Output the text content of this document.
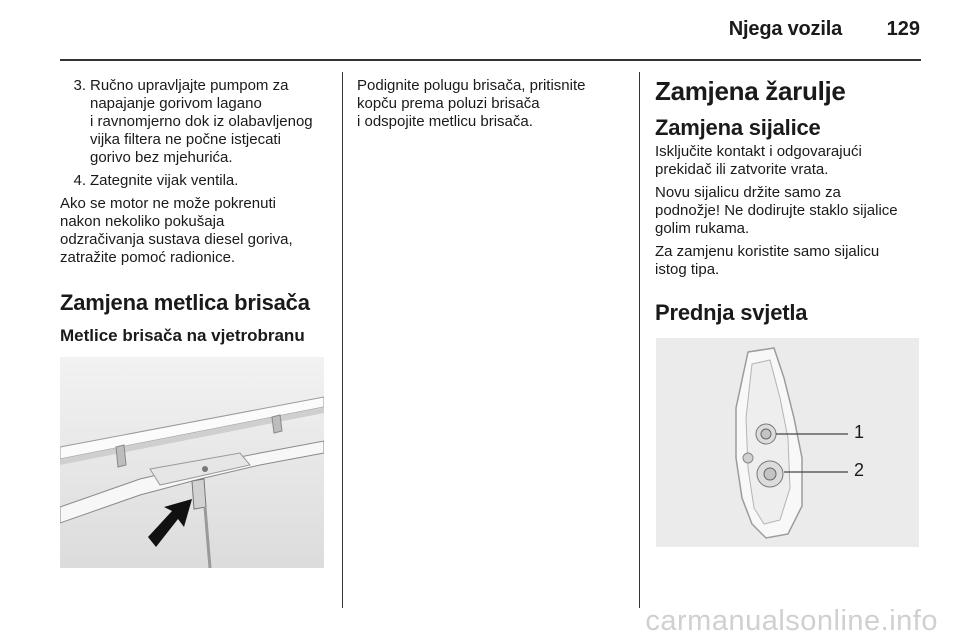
Njega vozila 129
3. Ručno upravljajte pumpom za
napajanje gorivom lagano
i ravnomjerno dok iz olabavljenog
vijka filtera ne počne istjecati
gorivo bez mjehurića.
4. Zategnite vijak ventila.

Ako se motor ne može pokrenuti
nakon nekoliko pokušaja
odzračivanja sustava diesel goriva,
zatražite pomoć radionice.

Zamjena metlica brisača
Metlice brisača na vjetrobranu

Podignite polugu brisača, pritisnite
kopču prema poluzi brisača
i odspojite metlicu brisača.

Zamjena žarulje
Zamjena sijalice

Isključite kontakt i odgovarajući
prekidač ili zatvorite vrata.

Novu sijalicu držite samo za
podnožje! Ne dodirujte staklo sijalice
golim rukama.

Za zamjenu koristite samo sijalicu
istog tipa.

Prednja svjetla
1
2
carmanualsonline.info
